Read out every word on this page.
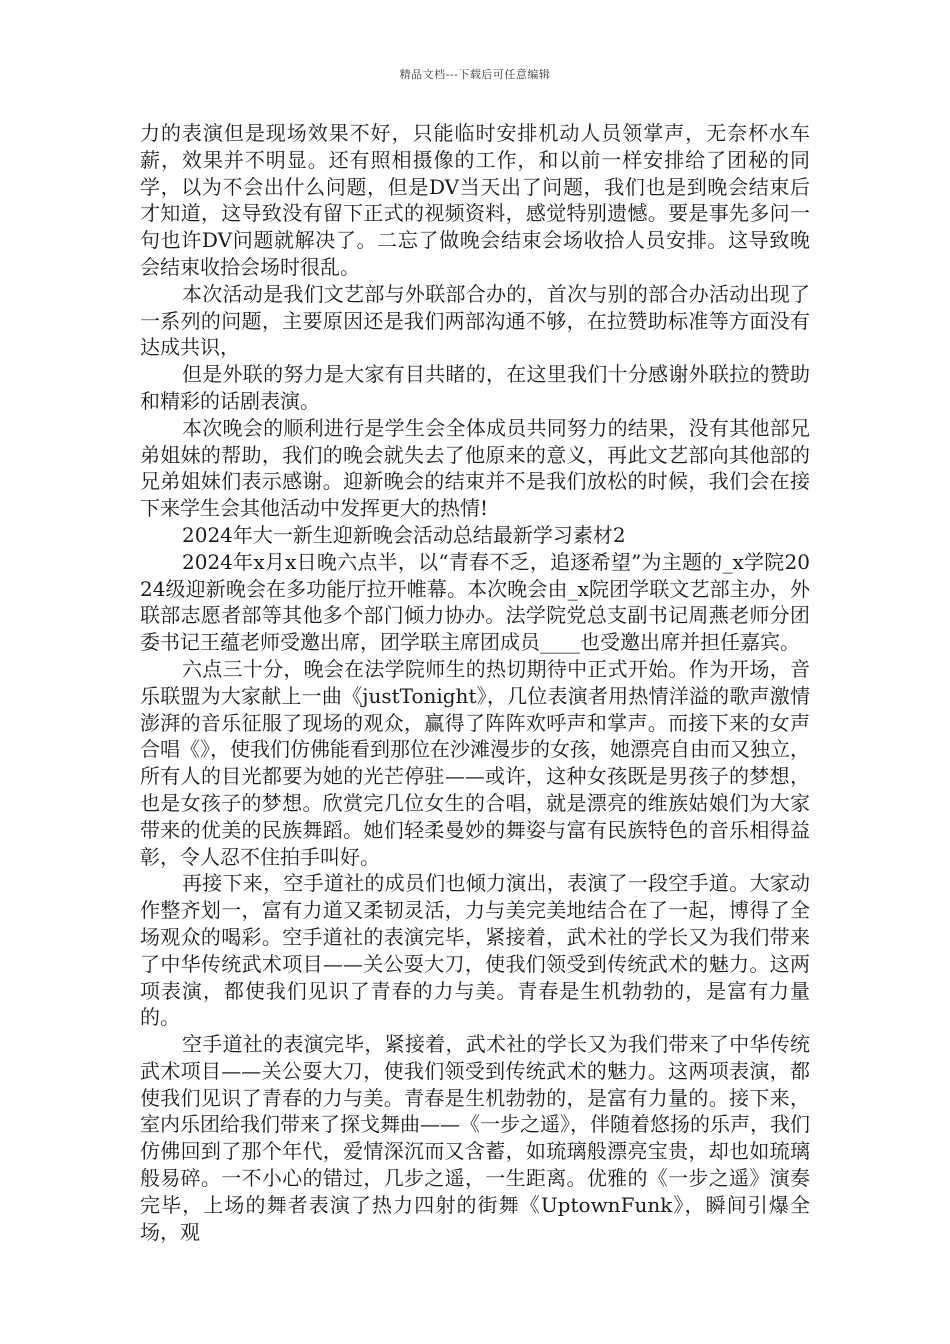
精品文档---下载后可任意编辑

力的表演但是现场效果不好，只能临时安排机动人员领掌声，无奈杯水车薪，效果并不明显。还有照相摄像的工作，和以前一样安排给了团秘的同学，以为不会出什么问题，但是DV当天出了问题，我们也是到晚会结束后才知道，这导致没有留下正式的视频资料，感觉特别遗憾。要是事先多问一句也许DV问题就解决了。二忘了做晚会结束会场收拾人员安排。这导致晚会结束收拾会场时很乱。

本次活动是我们文艺部与外联部合办的，首次与别的部合办活动出现了一系列的问题，主要原因还是我们两部沟通不够，在拉赞助标准等方面没有达成共识，

但是外联的努力是大家有目共睹的，在这里我们十分感谢外联拉的赞助和精彩的话剧表演。

本次晚会的顺利进行是学生会全体成员共同努力的结果，没有其他部兄弟姐妹的帮助，我们的晚会就失去了他原来的意义，再此文艺部向其他部的兄弟姐妹们表示感谢。迎新晚会的结束并不是我们放松的时候，我们会在接下来学生会其他活动中发挥更大的热情!

2024年大一新生迎新晚会活动总结最新学习素材2

2024年x月x日晚六点半，以“青春不乏，追逐希望”为主题的_x学院2024级迎新晚会在多功能厅拉开帷幕。本次晚会由_x院团学联文艺部主办，外联部志愿者部等其他多个部门倾力协办。法学院党总支副书记周燕老师分团委书记王蕴老师受邀出席，团学联主席团成员____也受邀出席并担任嘉宾。

六点三十分，晚会在法学院师生的热切期待中正式开始。作为开场，音乐联盟为大家献上一曲《justTonight》，几位表演者用热情洋溢的歌声激情澎湃的音乐征服了现场的观众，赢得了阵阵欢呼声和掌声。而接下来的女声合唱《》，使我们仿佛能看到那位在沙滩漫步的女孩，她漂亮自由而又独立，所有人的目光都要为她的光芒停驻——或许，这种女孩既是男孩子的梦想，也是女孩子的梦想。欣赏完几位女生的合唱，就是漂亮的维族姑娘们为大家带来的优美的民族舞蹈。她们轻柔曼妙的舞姿与富有民族特色的音乐相得益彰，令人忍不住拍手叫好。

再接下来，空手道社的成员们也倾力演出，表演了一段空手道。大家动作整齐划一，富有力道又柔韧灵活，力与美完美地结合在了一起，博得了全场观众的喝彩。空手道社的表演完毕，紧接着，武术社的学长又为我们带来了中华传统武术项目——关公耍大刀，使我们领受到传统武术的魅力。这两项表演，都使我们见识了青春的力与美。青春是生机勃勃的，是富有力量的。

空手道社的表演完毕，紧接着，武术社的学长又为我们带来了中华传统武术项目——关公耍大刀，使我们领受到传统武术的魅力。这两项表演，都使我们见识了青春的力与美。青春是生机勃勃的，是富有力量的。接下来，室内乐团给我们带来了探戈舞曲——《一步之遥》，伴随着悠扬的乐声，我们仿佛回到了那个年代，爱情深沉而又含蓄，如琉璃般漂亮宝贵，却也如琉璃般易碎。一不小心的错过，几步之遥，一生距离。优雅的《一步之遥》演奏完毕，上场的舞者表演了热力四射的街舞《UptownFunk》，瞬间引爆全场，观
